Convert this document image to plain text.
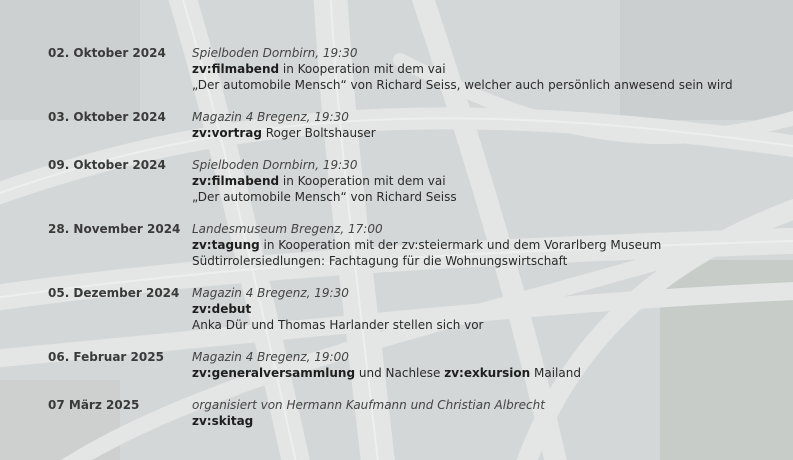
02. Oktober 2024	Spielboden Dornbirn, 19:30
zv:filmabend in Kooperation mit dem vai
„Der automobile Mensch“ von Richard Seiss, welcher auch persönlich anwesend sein wird
03. Oktober 2024	Magazin 4 Bregenz, 19:30
zv:vortrag Roger Boltshauser
09. Oktober 2024	Spielboden Dornbirn, 19:30
zv:filmabend in Kooperation mit dem vai
„Der automobile Mensch“ von Richard Seiss
28. November 2024 Landesmuseum Bregenz, 17:00
zv:tagung in Kooperation mit der zv:steiermark und dem Vorarlberg Museum
Südtirrolersiedlungen: Fachtagung für die Wohnungswirtschaft
05. Dezember 2024	Magazin 4 Bregenz, 19:30
zv:debut
Anka Dür und Thomas Harlander stellen sich vor
06. Februar 2025	Magazin 4 Bregenz, 19:00
zv:generalversammlung und Nachlese zv:exkursion Mailand
07 März 2025	organisiert von Hermann Kaufmann und Christian Albrecht
zv:skitag
